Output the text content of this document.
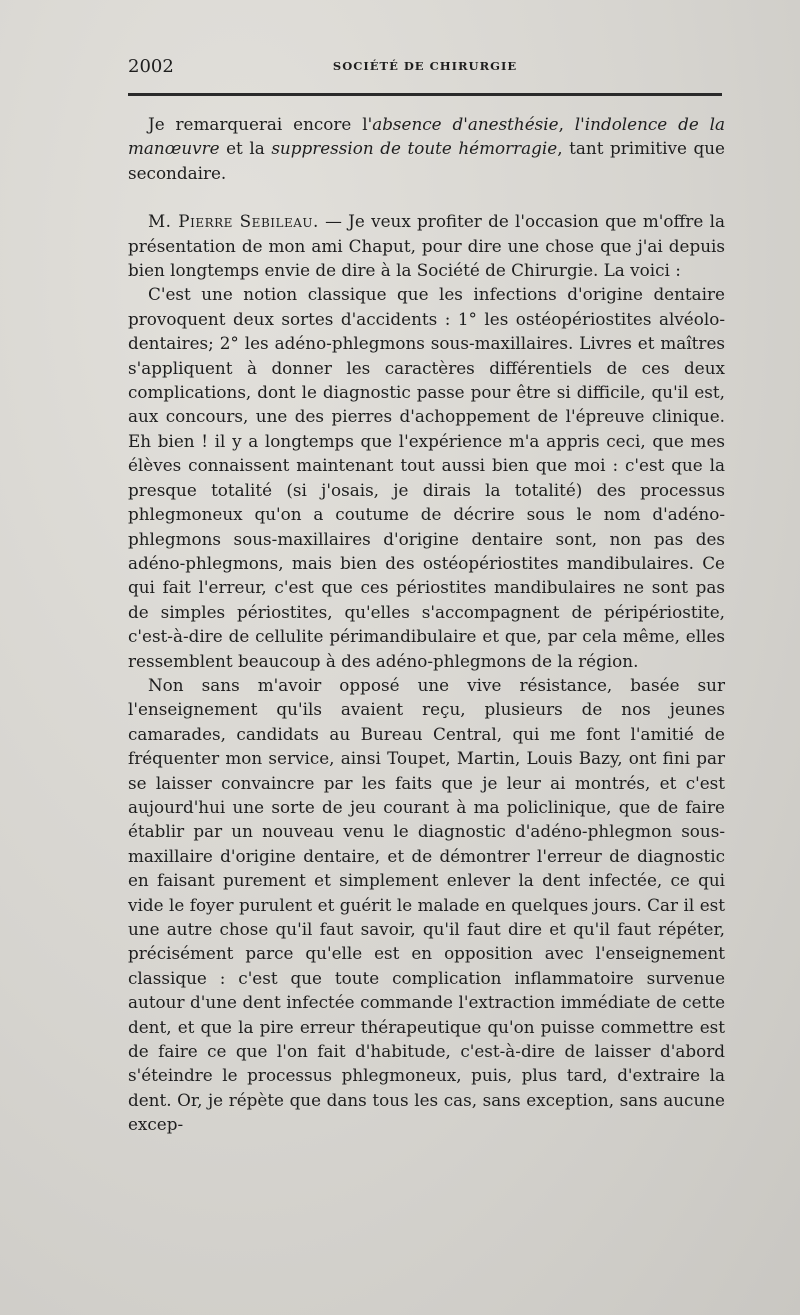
2002	SOCIÉTÉ DE CHIRURGIE

Je remarquerai encore l'absence d'anesthésie, l'indolence de la manœuvre et la suppression de toute hémorragie, tant primitive que secondaire.

M. Pierre Sebileau. — Je veux profiter de l'occasion que m'offre la présentation de mon ami Chaput, pour dire une chose que j'ai depuis bien longtemps envie de dire à la Société de Chirurgie. La voici :

C'est une notion classique que les infections d'origine dentaire provoquent deux sortes d'accidents : 1° les ostéopériostites alvéolo-dentaires; 2° les adéno-phlegmons sous-maxillaires. Livres et maîtres s'appliquent à donner les caractères différentiels de ces deux complications, dont le diagnostic passe pour être si difficile, qu'il est, aux concours, une des pierres d'achoppement de l'épreuve clinique. Eh bien ! il y a longtemps que l'expérience m'a appris ceci, que mes élèves connaissent maintenant tout aussi bien que moi : c'est que la presque totalité (si j'osais, je dirais la totalité) des processus phlegmoneux qu'on a coutume de décrire sous le nom d'adéno-phlegmons sous-maxillaires d'origine dentaire sont, non pas des adéno-phlegmons, mais bien des ostéopériostites mandibulaires. Ce qui fait l'erreur, c'est que ces périostites mandibulaires ne sont pas de simples périostites, qu'elles s'accompagnent de péripériostite, c'est-à-dire de cellulite périmandibulaire et que, par cela même, elles ressemblent beaucoup à des adéno-phlegmons de la région.

Non sans m'avoir opposé une vive résistance, basée sur l'enseignement qu'ils avaient reçu, plusieurs de nos jeunes camarades, candidats au Bureau Central, qui me font l'amitié de fréquenter mon service, ainsi Toupet, Martin, Louis Bazy, ont fini par se laisser convaincre par les faits que je leur ai montrés, et c'est aujourd'hui une sorte de jeu courant à ma policlinique, que de faire établir par un nouveau venu le diagnostic d'adéno-phlegmon sous-maxillaire d'origine dentaire, et de démontrer l'erreur de diagnostic en faisant purement et simplement enlever la dent infectée, ce qui vide le foyer purulent et guérit le malade en quelques jours. Car il est une autre chose qu'il faut savoir, qu'il faut dire et qu'il faut répéter, précisément parce qu'elle est en opposition avec l'enseignement classique : c'est que toute complication inflammatoire survenue autour d'une dent infectée commande l'extraction immédiate de cette dent, et que la pire erreur thérapeutique qu'on puisse commettre est de faire ce que l'on fait d'habitude, c'est-à-dire de laisser d'abord s'éteindre le processus phlegmoneux, puis, plus tard, d'extraire la dent. Or, je répète que dans tous les cas, sans exception, sans aucune excep-
